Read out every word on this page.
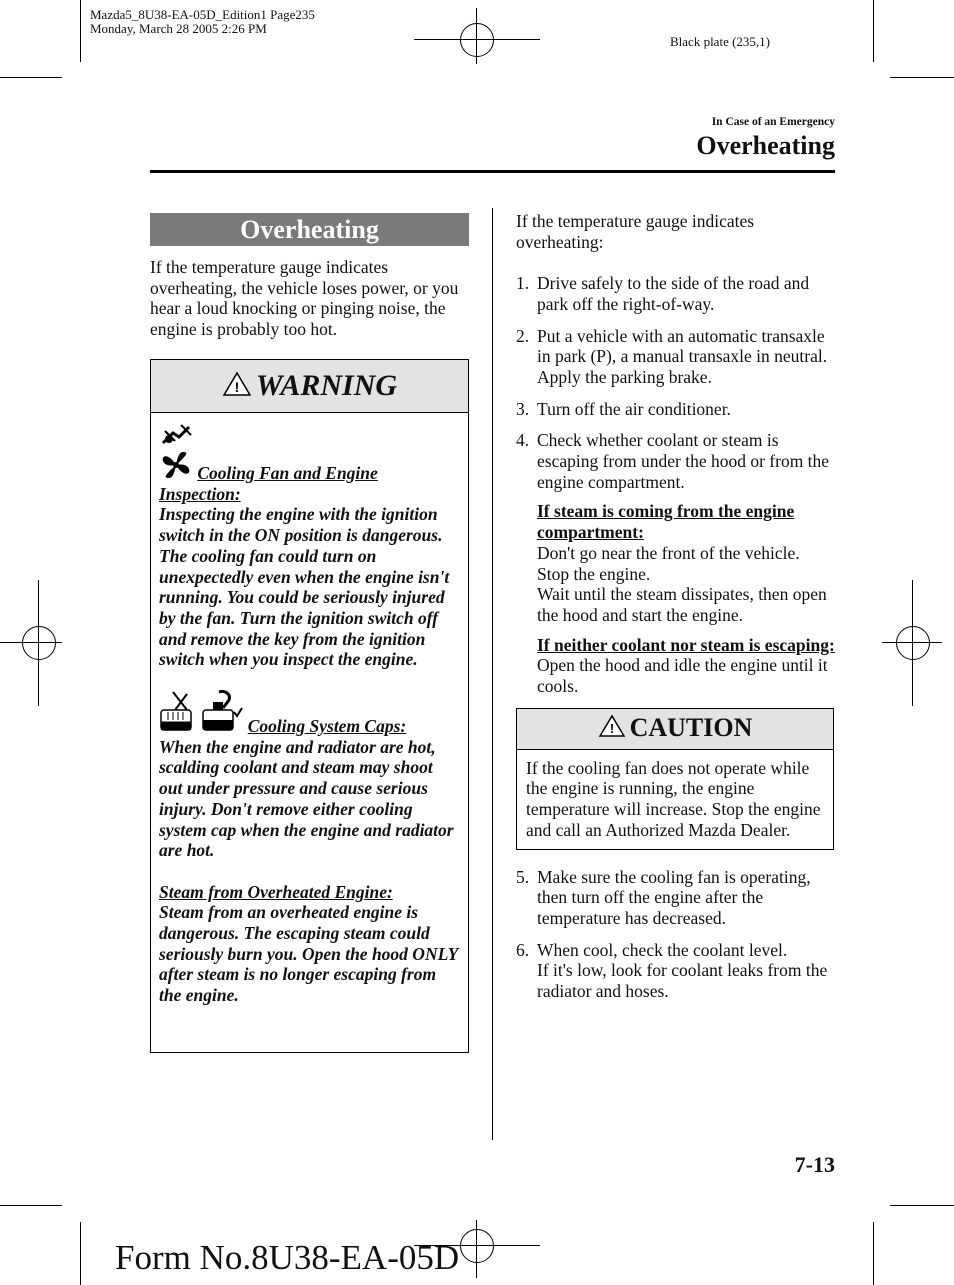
Mazda5_8U38-EA-05D_Edition1 Page235
Monday, March 28 2005 2:26 PM
Black plate (235,1)
In Case of an Emergency
Overheating
Overheating
If the temperature gauge indicates overheating, the vehicle loses power, or you hear a loud knocking or pinging noise, the engine is probably too hot.
! WARNING
Cooling Fan and Engine
Inspection:
Inspecting the engine with the ignition switch in the ON position is dangerous. The cooling fan could turn on unexpectedly even when the engine isn't running. You could be seriously injured by the fan. Turn the ignition switch off and remove the key from the ignition switch when you inspect the engine.
Cooling System Caps:
When the engine and radiator are hot, scalding coolant and steam may shoot out under pressure and cause serious injury. Don't remove either cooling system cap when the engine and radiator are hot.
Steam from Overheated Engine:
Steam from an overheated engine is dangerous. The escaping steam could seriously burn you. Open the hood ONLY after steam is no longer escaping from the engine.
If the temperature gauge indicates overheating:
1. Drive safely to the side of the road and park off the right-of-way.
2. Put a vehicle with an automatic transaxle in park (P), a manual transaxle in neutral.
Apply the parking brake.
3. Turn off the air conditioner.
4. Check whether coolant or steam is escaping from under the hood or from the engine compartment.
If steam is coming from the engine compartment:
Don't go near the front of the vehicle.
Stop the engine.
Wait until the steam dissipates, then open the hood and start the engine.
If neither coolant nor steam is escaping:
Open the hood and idle the engine until it cools.
! CAUTION
If the cooling fan does not operate while the engine is running, the engine temperature will increase. Stop the engine and call an Authorized Mazda Dealer.
5. Make sure the cooling fan is operating, then turn off the engine after the temperature has decreased.
6. When cool, check the coolant level.
If it's low, look for coolant leaks from the radiator and hoses.
7-13
Form No.8U38-EA-05D
